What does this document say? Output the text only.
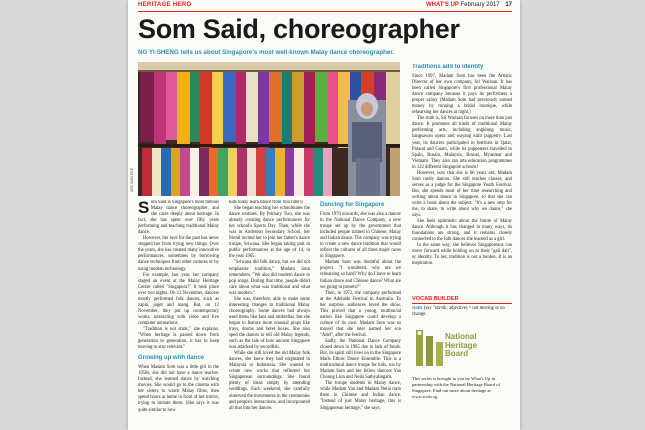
HERITAGE HERO	WHAT'S UP February 2017 17
Som Said, choreographer
NG YI-SHENG tells us about Singapore's most well-known Malay dance choreographer.
SEE WAN REE

Som Said is Singapore's most famous Malay dance choreographer, and she cares deeply about heritage. In fact, she has spent over fifty years performing and teaching traditional Malay dance.

However, her love for the past has never stopped her from trying new things. Over the years, she has created many innovative performances, sometimes by borrowing dance techniques from other cultures or by using modern technology.

For example, last year, her company staged an event at the Malay Heritage Centre called "Singapura?" It took place over two nights. On 12 November, dancers mostly performed folk dances, such as zapin, joget and inang. But, on 12 November, they put up contemporary works, interacting with video and live computer animations.

"Tradition is not static," she explains. "When heritage is passed down from generation to generation, it has to keep moving to stay relevant."

Growing up with dance

When Madam Som was a little girl in the 1950s, she did not have a dance teacher. Instead, she learned dance by watching movies. She would go to the cinema with her sisters to watch Malay films, then spend hours at home in front of her mirror, trying to imitate them. (She says it was quite similar to how

kids today learn dance from YouTube!)

She began teaching her schoolmates the dance routines. By Primary Two, she was already creating dance performances for her school's Sports Day. Then, while she was in Anderson Secondary School, her friend invited her to join her father's dance troupe, Sriwana. She began taking part in public performances at the age of 14, in the year 1965.

"Sriwana did folk dance, but we did not emphasise tradition," Madam Som remembers. "We also did modern dance to pop songs. During that time, people didn't care about what was traditional and what was modern."

She was, therefore, able to make some interesting changes to traditional Malay choreography. Some dances had always used items like fans and umbrellas, but she began to feature more unusual props like trays, drums and betel boxes. She also sped the dances to tell old Malay legends, such as the tale of how ancient Singapore was attacked by swordfish.

While she still loved the old Malay folk dances, she knew they had originated in Malaysia or Indonesia. She wanted to create new works that reflected her Singaporean surroundings. She found plenty of ideas simply by attending weddings. Each weekend, she carefully observed the movements in the ceremonies and people's interactions, and incorporated all that into her dances.

Dancing for Singapore

From 1970 onwards, she was also a dancer in the National Dance Company, a new troupe set up by the government that included people trained in Chinese, Malay and Indian dance. The company was trying to create a new dance tradition that would reflect the cultures of all three major races in Singapore.

Madam Som was doubtful about the project. "I wondered, why are we rehearsing so hard? Why do I have to learn Indian dance and Chinese dance? What are we going to present?"

Then, in 1972, the company performed at the Adelaide Festival in Australia. To her surprise, audiences loved the show. This proved that a young, multiracial nation like Singapore could develop a culture of its own. Madam Som was so moved that she later named her son "Adel", after the festival.

Sadly, the National Dance Company closed down in 1985 due to lack of funds. But, its spirit still lives on in the Singapore Malls Ethnic Dance Ensemble. This is a multicultural dance troupe for kids, run by Madam Som and her fellow dancers Yan Choong Lion and Neila Sathyalingam.

The troupe students in Malay dance, while Madam Yan and Madam Neila train them in Chinese and Indian dance. "Instead of just Malay heritage, this is Singaporean heritage," she says.

Traditions add to identity

Since 1997, Madam Som has been the Artistic Director of her own company, Sri Warisan. It has been called Singapore's first professional Malay dance company because it pays its performers a proper salary (Madam Som had previously earned money by running a bridal boutique, while rehearsing her dances at night.)

The truth is, Sri Warisan focuses on more than just dance. It promotes all kinds of traditional Malay performing arts, including angklung music, bangsawan opera and wayang kulit puppetry. Last year, its dancers participated in festivals in Qatar, Poland and Guam, while its puppeteers travelled to Spain, Russia, Malaysia, Brunei, Myanmar and Vietnam. They also ran arts education programmes in 122 different Singapore schools!

However, now that she is 66 years old, Madam Som rarely dances. She still teaches classes, and serves as a judge for the Singapore Youth Festival. But, she spends most of her time researching and writing about dance in Singapore, so that she can write a book about the subject. "It's a new step for me, to share, to write about why we dance," she says.

She feels optimistic about the future of Malay dance. Although it has changed in many ways, its foundations are strong, and it remains closely connected to the folk dances she learned as a girl.

In the same way, she believes Singaporeans can move forward while holding on to their "gali dali", or identity. To her, tradition is not a burden. It is an inspiration.

VOCAB BUILDER
static (say "sta-tik; adjective) = not moving or no change.
National
Heritage
Board
This series is brought to you by What's Up in partnership with the National Heritage Board of Singapore. Find out more about heritage at www.roots.sg.
